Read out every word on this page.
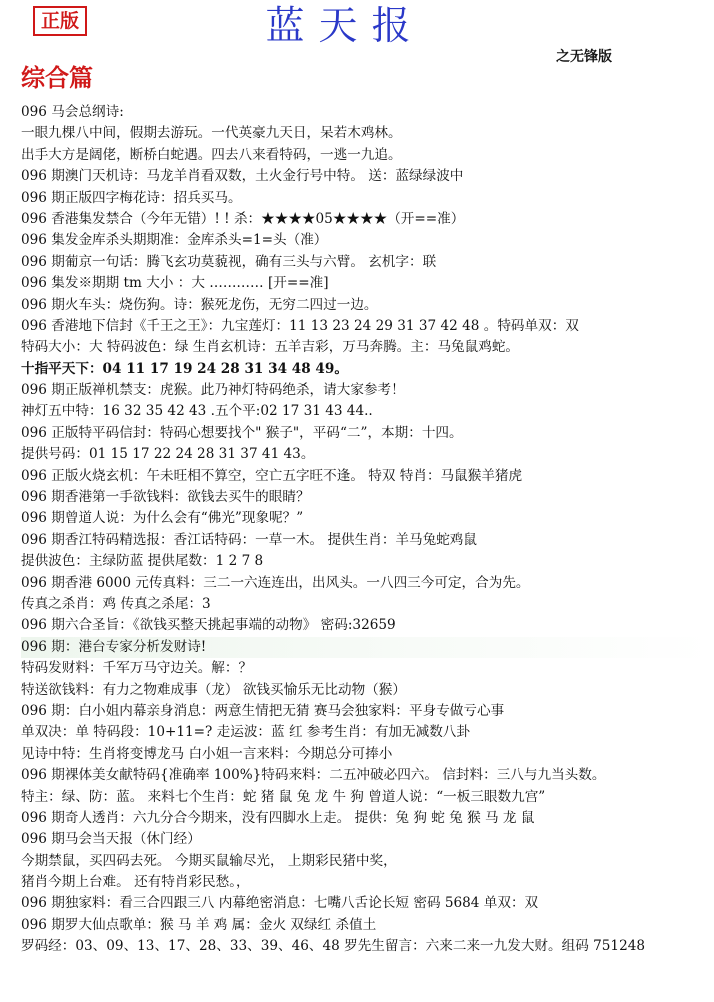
正版	蓝天报
之无锋版
综合篇
096 马会总纲诗:
一眼九棵八中间，假期去游玩。一代英豪九天日，呆若木鸡林。
出手大方是阔佬，断桥白蛇遇。四去八来看特码，一逃一九追。
096 期澳门天机诗：马龙羊肖看双数，土火金行号中特。 送：蓝绿绿波中
096 期正版四字梅花诗：招兵买马。
096 香港集发禁合（今年无错）! ! 杀：★★★★05★★★★（开==准）
096 集发金库杀头期期准：金库杀头=1=头（准）
096 期葡京一句话：腾飞玄功莫藐视，确有三头与六臂。 玄机字：联
096 集发※期期 tm 大小 ：大 ………… [开==准]
096 期火车头：烧伤狗。诗：猴死龙伤，无穷二四过一边。
096 香港地下信封《千王之王》：九宝莲灯：11 13 23 24 29 31 37 42 48 。特码单双：双
特码大小：大 特码波色：绿 生肖玄机诗：五羊吉彩，万马奔腾。主：马兔鼠鸡蛇。
十指平天下：04 11 17 19 24 28 31 34 48 49。
096 期正版禅机禁支：虎猴。此乃神灯特码绝杀，请大家参考！
神灯五中特：16 32 35 42 43 .五个平:02 17 31 43 44..
096 正版特平码信封：特码心想要找个" 猴子"，平码“二”，本期：十四。
提供号码：01 15 17 22 24 28 31 37 41 43。
096 正版火烧玄机：午未旺相不算空，空亡五字旺不逢。 特双 特肖：马鼠猴羊猪虎
096 期香港第一手欲钱料：欲钱去买牛的眼睛？
096 期曾道人说：为什么会有“佛光”现象呢？”
096 期香江特码精选报：香江话特码：一草一木。 提供生肖：羊马兔蛇鸡鼠
提供波色：主绿防蓝 提供尾数：1 2 7 8
096 期香港 6000 元传真料：三二一六连连出，出风头。一八四三今可定，合为先。
传真之杀肖：鸡 传真之杀尾：3
096 期六合圣旨：《欲钱买整天挑起事端的动物》 密码:32659
096 期：港台专家分析发财诗!
特码发财料：千军万马守边关。解：？
特送欲钱料：有力之物难成事（龙） 欲钱买愉乐无比动物（猴）
096 期：白小姐内幕亲身消息：两意生情把无猜 赛马会独家料：平身专做亏心事
单双决：单 特码段：10+11=? 走运波：蓝 红 参考生肖：有加无减数八卦
见诗中特：生肖将变博龙马 白小姐一言来料：今期总分可捧小
096 期裸体美女献特码{准确率 100%}特码来料：二五冲破必四六。 信封料：三八与九当头数。
特主：绿、防：蓝。 来料七个生肖：蛇 猪 鼠 兔 龙 牛 狗 曾道人说：“一板三眼数九宫”
096 期奇人透肖：六九分合今期来，没有四脚水上走。 提供：兔 狗 蛇 兔 猴 马 龙 鼠
096 期马会当天报（休门经）
今期禁鼠，买四码去死。 今期买鼠输尽光， 上期彩民猪中奖，
猪肖今期上台难。 还有特肖彩民愁。，
096 期独家料：看三合四跟三八 内幕绝密消息：七嘴八舌论长短 密码 5684 单双：双
096 期罗大仙点歌单：猴 马 羊 鸡 属：金火 双绿红 杀值土
罗码经：03、09、13、17、28、33、39、46、48 罗先生留言：六来二来一九发大财。组码 751248
